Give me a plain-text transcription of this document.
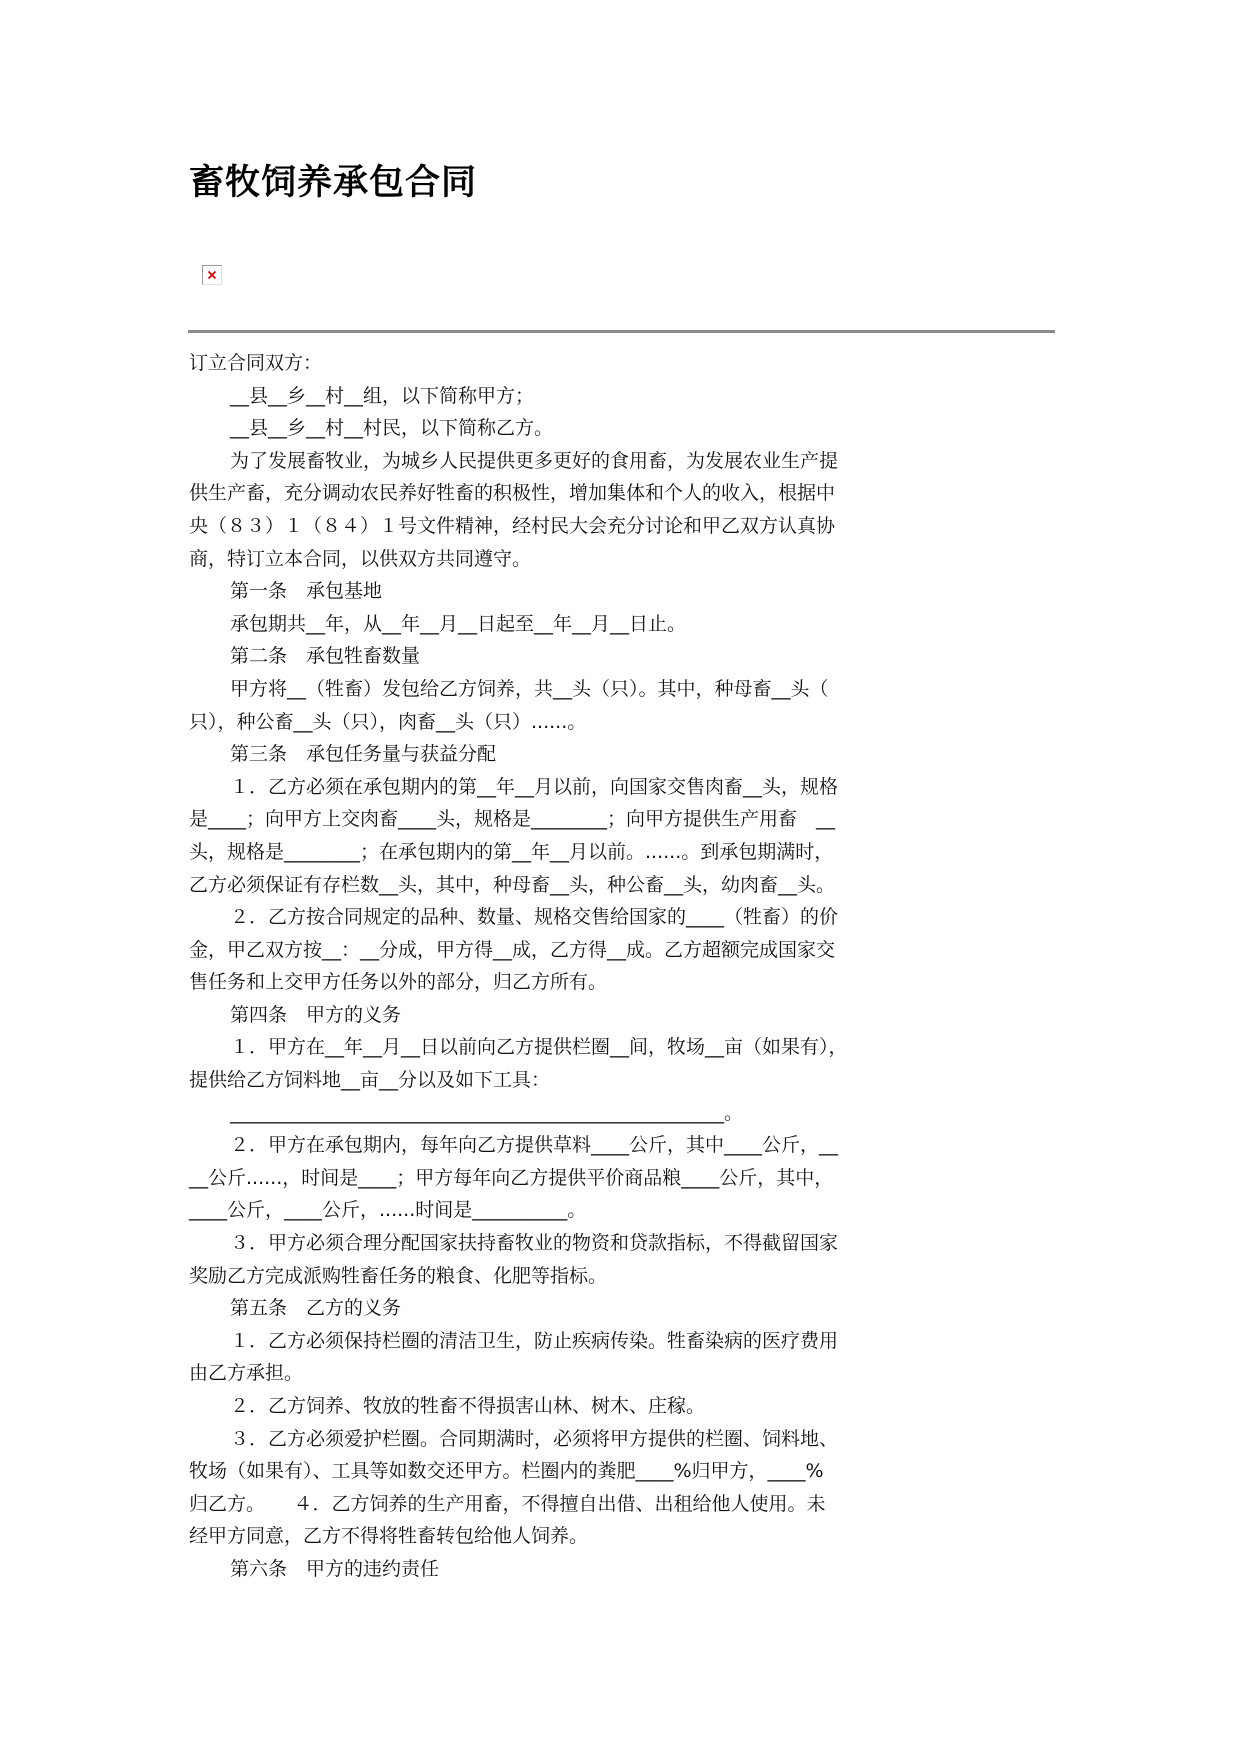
畜牧饲养承包合同

订立合同双方：

__县__乡__村__组，以下简称甲方；

__县__乡__村__村民，以下简称乙方。

为了发展畜牧业，为城乡人民提供更多更好的食用畜，为发展农业生产提

供生产畜，充分调动农民养好牲畜的积极性，增加集体和个人的收入，根据中

央（８３）１（８４）１号文件精神，经村民大会充分讨论和甲乙双方认真协

商，特订立本合同，以供双方共同遵守。

第一条　承包基地

承包期共__年，从__年__月__日起至__年__月__日止。

第二条　承包牲畜数量

甲方将__（牲畜）发包给乙方饲养，共__头（只）。其中，种母畜__头（

只），种公畜__头（只），肉畜__头（只）......。

第三条　承包任务量与获益分配

１．乙方必须在承包期内的第__年__月以前，向国家交售肉畜__头，规格

是____；向甲方上交肉畜____头，规格是________；向甲方提供生产用畜　__

头，规格是________；在承包期内的第__年__月以前。......。到承包期满时，

乙方必须保证有存栏数__头，其中，种母畜__头，种公畜__头，幼肉畜__头。

２．乙方按合同规定的品种、数量、规格交售给国家的____（牲畜）的价

金，甲乙双方按__：__分成，甲方得__成，乙方得__成。乙方超额完成国家交

售任务和上交甲方任务以外的部分，归乙方所有。

第四条　甲方的义务

１．甲方在__年__月__日以前向乙方提供栏圈__间，牧场__亩（如果有），

提供给乙方饲料地__亩__分以及如下工具：

____________________________________________________。

２．甲方在承包期内，每年向乙方提供草料____公斤，其中____公斤，__

__公斤......，时间是____；甲方每年向乙方提供平价商品粮____公斤，其中，

____公斤，____公斤，......时间是__________。

３．甲方必须合理分配国家扶持畜牧业的物资和贷款指标，不得截留国家

奖励乙方完成派购牲畜任务的粮食、化肥等指标。

第五条　乙方的义务

１．乙方必须保持栏圈的清洁卫生，防止疾病传染。牲畜染病的医疗费用

由乙方承担。

２．乙方饲养、牧放的牲畜不得损害山林、树木、庄稼。

３．乙方必须爱护栏圈。合同期满时，必须将甲方提供的栏圈、饲料地、

牧场（如果有）、工具等如数交还甲方。栏圈内的粪肥____%归甲方，____%

归乙方。　　４．乙方饲养的生产用畜，不得擅自出借、出租给他人使用。未

经甲方同意，乙方不得将牲畜转包给他人饲养。

第六条　甲方的违约责任
